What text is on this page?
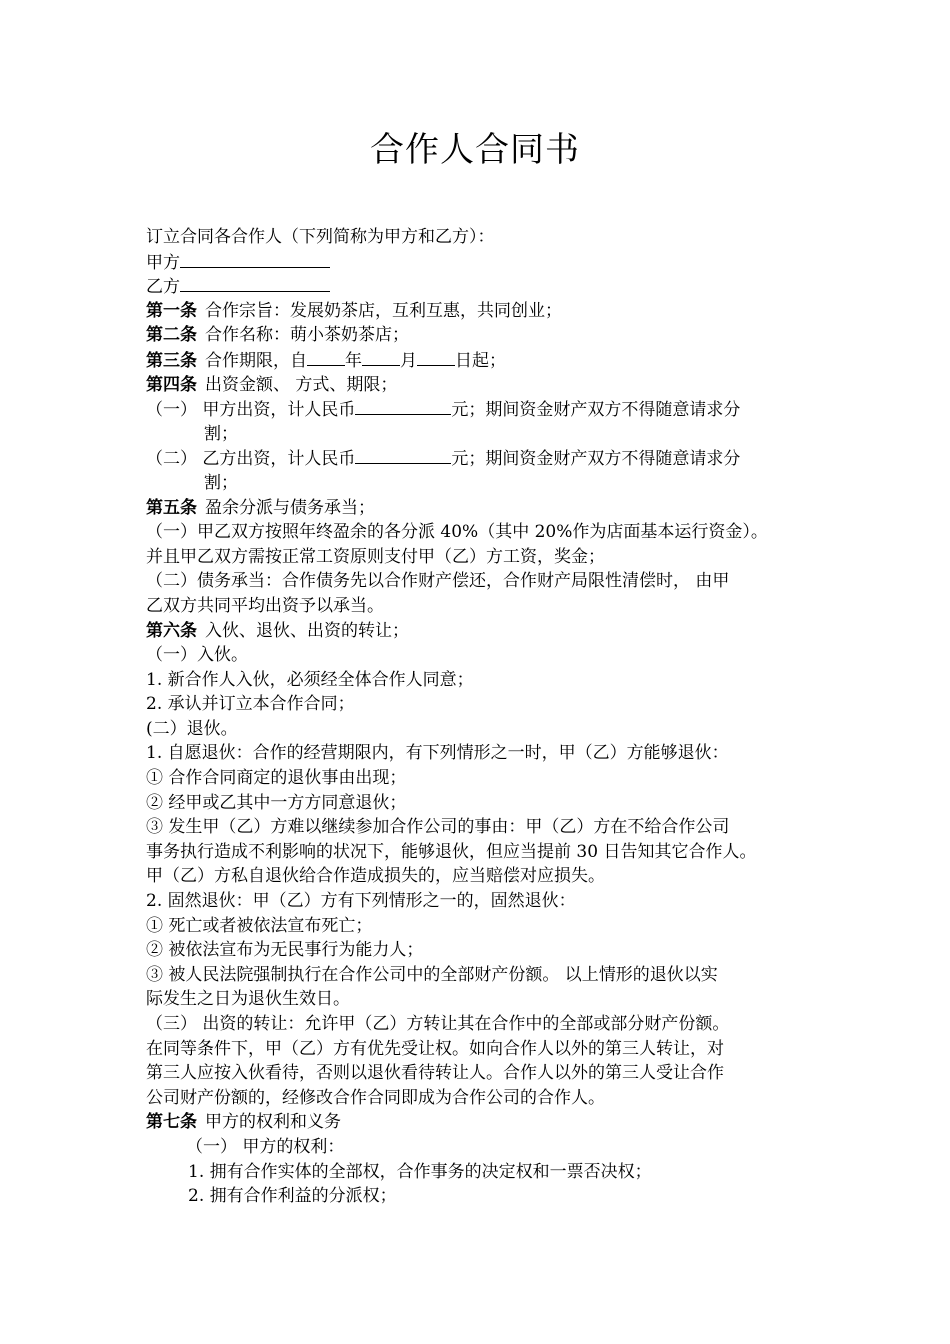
合作人合同书
订立合同各合作人（下列简称为甲方和乙方）：
甲方
乙方
第一条 合作宗旨：发展奶茶店，互利互惠，共同创业；
第二条 合作名称：萌小茶奶茶店；
第三条 合作期限，自 年 月 日起；
第四条 出资金额、 方式、期限；
（一） 甲方出资，计人民币	元；期间资金财产双方不得随意请求分
割；
（二） 乙方出资，计人民币	元；期间资金财产双方不得随意请求分
割；
第五条 盈余分派与债务承当；
（一）甲乙双方按照年终盈余的各分派 40%（其中 20%作为店面基本运行资金）。
并且甲乙双方需按正常工资原则支付甲（乙）方工资，奖金；
（二）债务承当：合作债务先以合作财产偿还，合作财产局限性清偿时， 由甲
乙双方共同平均出资予以承当。
第六条 入伙、退伙、出资的转让；
（一）入伙。
1. 新合作人入伙，必须经全体合作人同意；
2. 承认并订立本合作合同；
(二）退伙。
1. 自愿退伙：合作的经营期限内，有下列情形之一时，甲（乙）方能够退伙：
① 合作合同商定的退伙事由出现；
② 经甲或乙其中一方方同意退伙；
③ 发生甲（乙）方难以继续参加合作公司的事由：甲（乙）方在不给合作公司
事务执行造成不利影响的状况下，能够退伙，但应当提前 30 日告知其它合作人。
甲（乙）方私自退伙给合作造成损失的，应当赔偿对应损失。
2. 固然退伙：甲（乙）方有下列情形之一的，固然退伙：
① 死亡或者被依法宣布死亡；
② 被依法宣布为无民事行为能力人；
③ 被人民法院强制执行在合作公司中的全部财产份额。 以上情形的退伙以实
际发生之日为退伙生效日。
（三） 出资的转让：允许甲（乙）方转让其在合作中的全部或部分财产份额。
在同等条件下，甲（乙）方有优先受让权。如向合作人以外的第三人转让，对
第三人应按入伙看待，否则以退伙看待转让人。合作人以外的第三人受让合作
公司财产份额的，经修改合作合同即成为合作公司的合作人。
第七条 甲方的权利和义务
（一） 甲方的权利：
1. 拥有合作实体的全部权，合作事务的决定权和一票否决权；
2. 拥有合作利益的分派权；
